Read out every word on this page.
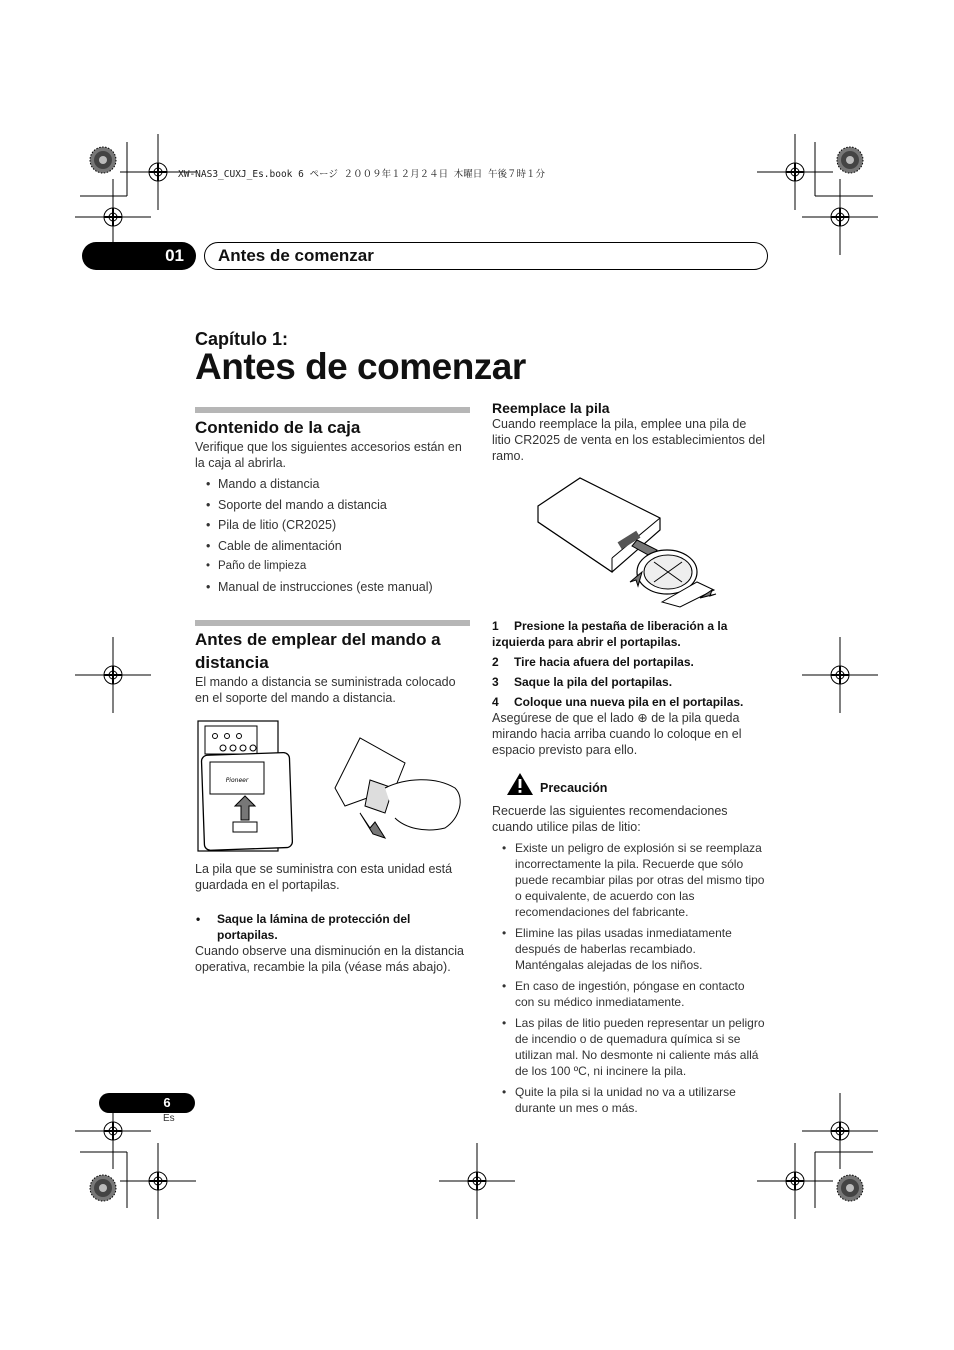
XW-NAS3_CUXJ_Es.book 6 ページ ２００９年１２月２４日 木曜日 午後７時１分
01	Antes de comenzar
Capítulo 1:
Antes de comenzar
Contenido de la caja
Verifique que los siguientes accesorios están en la caja al abrirla.
• Mando a distancia
• Soporte del mando a distancia
• Pila de litio (CR2025)
• Cable de alimentación
• Paño de limpieza
• Manual de instrucciones (este manual)
Antes de emplear del mando a distancia
El mando a distancia se suministrada colocado en el soporte del mando a distancia.
Pioneer
La pila que se suministra con esta unidad está guardada en el portapilas.
• Saque la lámina de protección del portapilas.
Cuando observe una disminución en la distancia operativa, recambie la pila (véase más abajo).
Reemplace la pila
Cuando reemplace la pila, emplee una pila de litio CR2025 de venta en los establecimientos del ramo.
1 Presione la pestaña de liberación a la izquierda para abrir el portapilas.
2 Tire hacia afuera del portapilas.
3 Saque la pila del portapilas.
4 Coloque una nueva pila en el portapilas.
Asegúrese de que el lado ⊕ de la pila queda mirando hacia arriba cuando lo coloque en el espacio previsto para ello.
Precaución
Recuerde las siguientes recomendaciones cuando utilice pilas de litio:
• Existe un peligro de explosión si se reemplaza incorrectamente la pila. Recuerde que sólo puede recambiar pilas por otras del mismo tipo o equivalente, de acuerdo con las recomendaciones del fabricante.
• Elimine las pilas usadas inmediatamente después de haberlas recambiado. Manténgalas alejadas de los niños.
• En caso de ingestión, póngase en contacto con su médico inmediatamente.
• Las pilas de litio pueden representar un peligro de incendio o de quemadura química si se utilizan mal. No desmonte ni caliente más allá de los 100 ºC, ni incinere la pila.
• Quite la pila si la unidad no va a utilizarse durante un mes o más.
6
Es
